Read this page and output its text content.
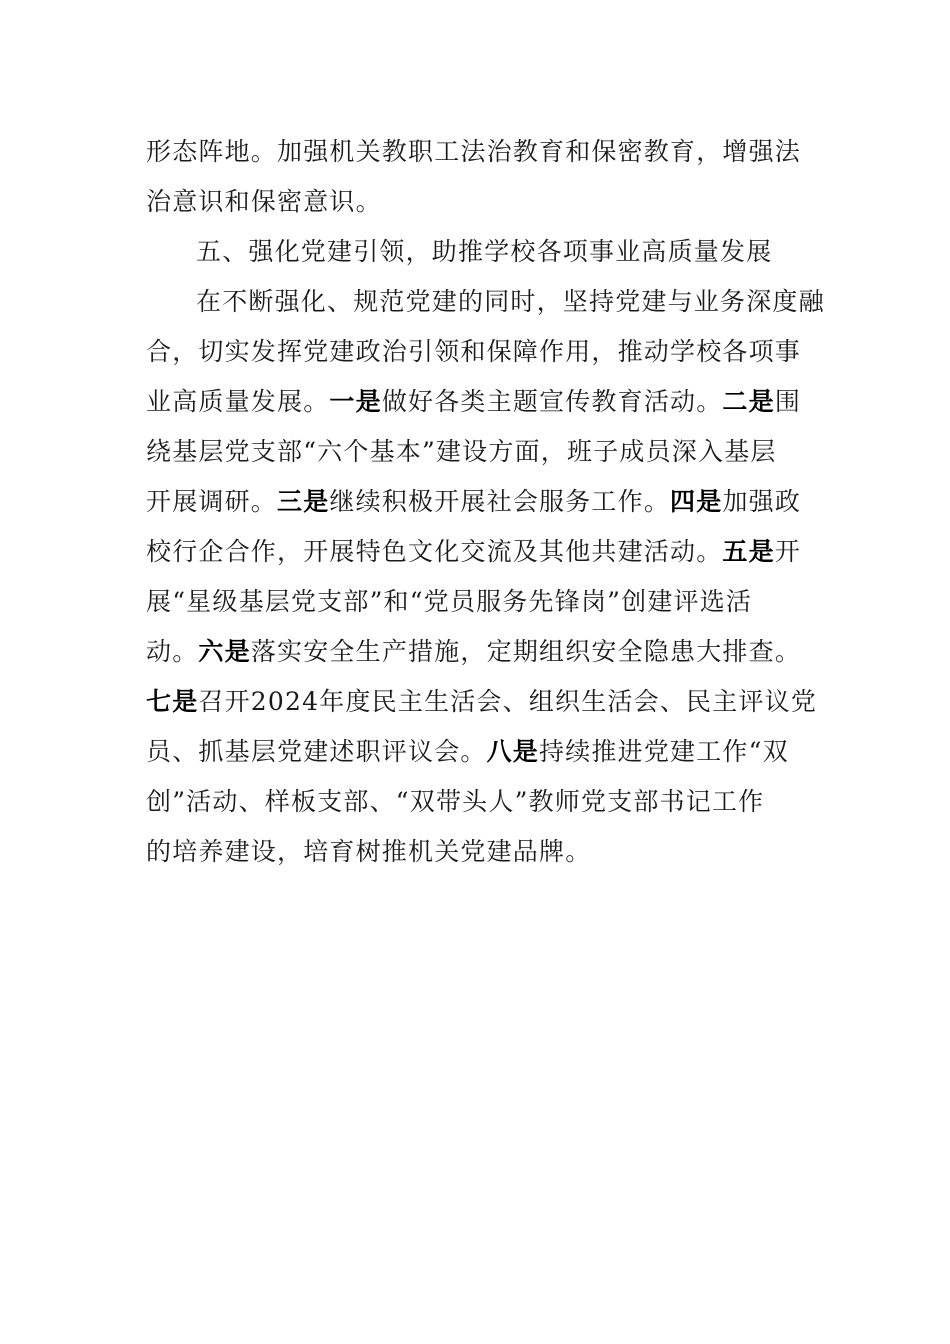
形态阵地。加强机关教职工法治教育和保密教育，增强法
治意识和保密意识。
五、强化党建引领，助推学校各项事业高质量发展
在不断强化、规范党建的同时，坚持党建与业务深度融
合，切实发挥党建政治引领和保障作用，推动学校各项事
业高质量发展。一是做好各类主题宣传教育活动。二是围
绕基层党支部“六个基本”建设方面，班子成员深入基层
开展调研。三是继续积极开展社会服务工作。四是加强政
校行企合作，开展特色文化交流及其他共建活动。五是开
展“星级基层党支部”和“党员服务先锋岗”创建评选活
动。六是落实安全生产措施，定期组织安全隐患大排查。
七是召开2024年度民主生活会、组织生活会、民主评议党
员、抓基层党建述职评议会。八是持续推进党建工作“双
创”活动、样板支部、“双带头人”教师党支部书记工作
的培养建设，培育树推机关党建品牌。
